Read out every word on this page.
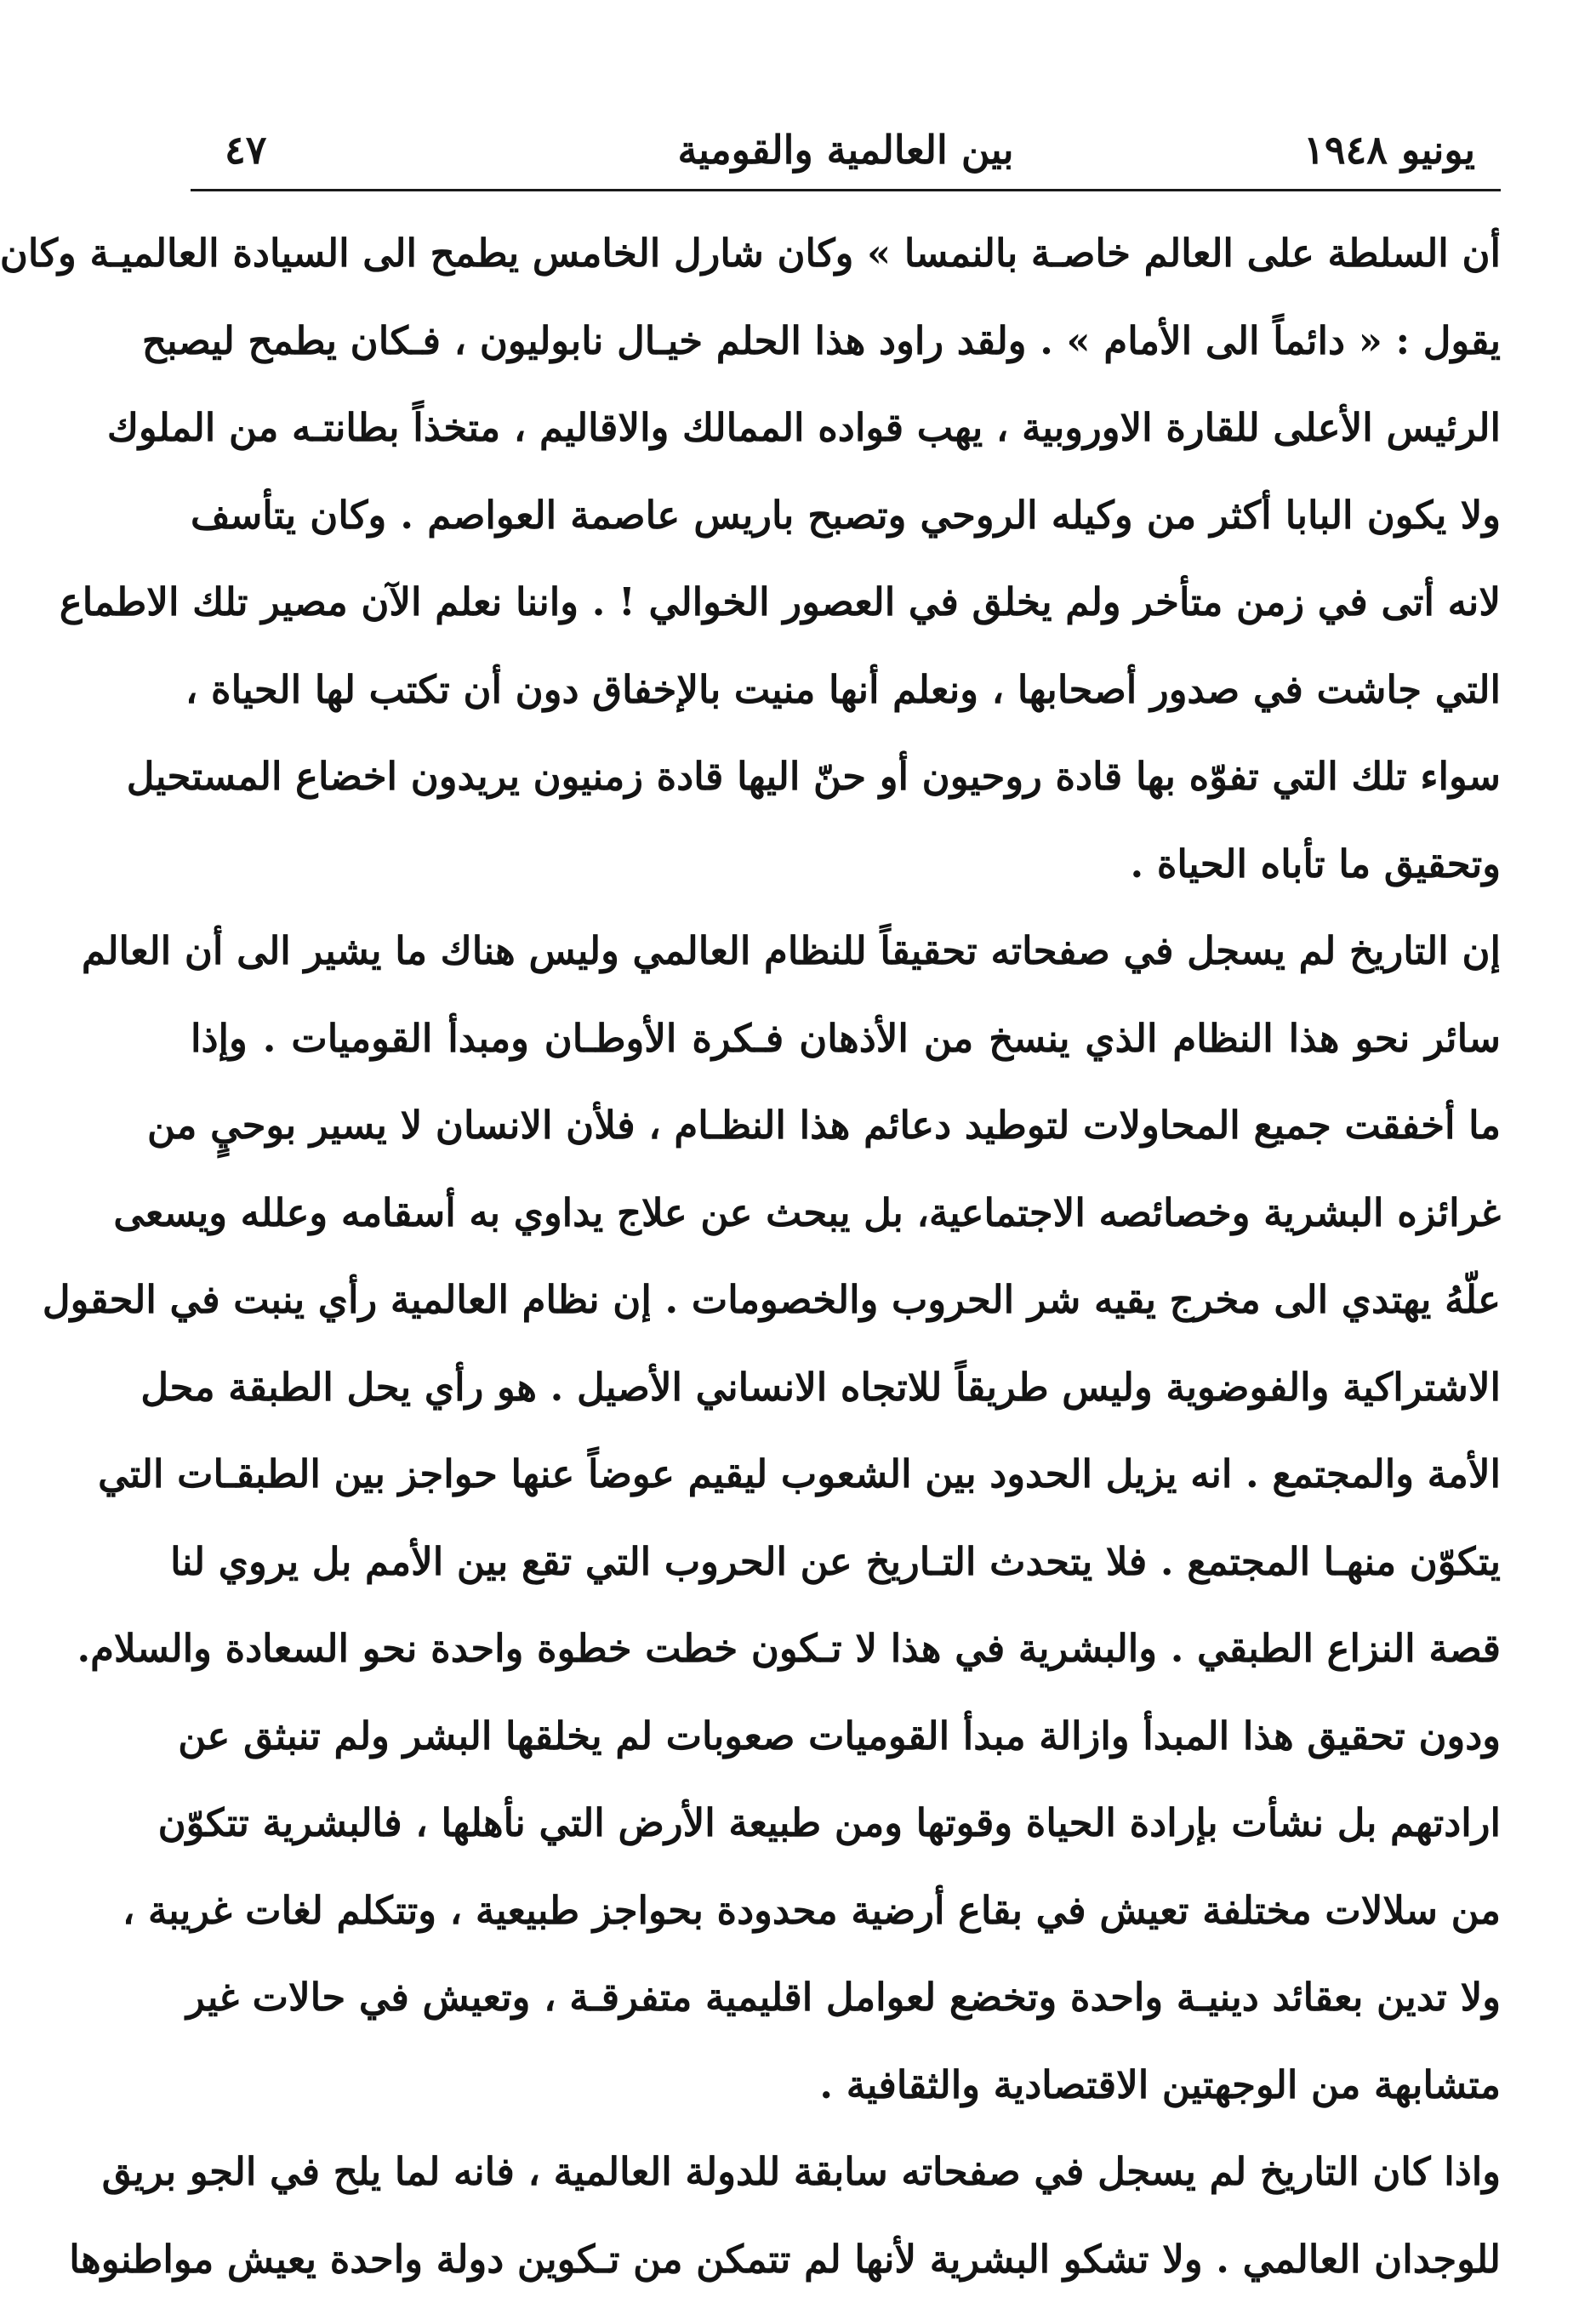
يونيو ١٩٤٨
بين العالمية والقومية
٤٧

أن السلطة على العالم خاصـة بالنمسا » وكان شارل الخامس يطمح الى السيادة العالميـة وكان
يقول : « دائماً الى الأمام » . ولقد راود هذا الحلم خيـال نابوليون ، فـكان يطمح ليصبح
الرئيس الأعلى للقارة الاوروبية ، يهب قواده الممالك والاقاليم ، متخذاً بطانتـه من الملوك
ولا يكون البابا أكثر من وكيله الروحي وتصبح باريس عاصمة العواصم . وكان يتأسف
لانه أتى في زمن متأخر ولم يخلق في العصور الخوالي ! . واننا نعلم الآن مصير تلك الاطماع
التي جاشت في صدور أصحابها ، ونعلم أنها منيت بالإخفاق دون أن تكتب لها الحياة ،
سواء تلك التي تفوّه بها قادة روحيون أو حنّ اليها قادة زمنيون يريدون اخضاع المستحيل
وتحقيق ما تأباه الحياة .

إن التاريخ لم يسجل في صفحاته تحقيقاً للنظام العالمي وليس هناك ما يشير الى أن العالم
سائر نحو هذا النظام الذي ينسخ من الأذهان فـكرة الأوطـان ومبدأ القوميات . وإذا
ما أخفقت جميع المحاولات لتوطيد دعائم هذا النظـام ، فلأن الانسان لا يسير بوحيٍ من
غرائزه البشرية وخصائصه الاجتماعية، بل يبحث عن علاج يداوي به أسقامه وعلله ويسعى
علّهُ يهتدي الى مخرج يقيه شر الحروب والخصومات . إن نظام العالمية رأي ينبت في الحقول
الاشتراكية والفوضوية وليس طريقاً للاتجاه الانساني الأصيل . هو رأي يحل الطبقة محل
الأمة والمجتمع . انه يزيل الحدود بين الشعوب ليقيم عوضاً عنها حواجز بين الطبقـات التي
يتكوّن منهـا المجتمع . فلا يتحدث التـاريخ عن الحروب التي تقع بين الأمم بل يروي لنا
قصة النزاع الطبقي . والبشرية في هذا لا تـكون خطت خطوة واحدة نحو السعادة والسلام.
ودون تحقيق هذا المبدأ وازالة مبدأ القوميات صعوبات لم يخلقها البشر ولم تنبثق عن
ارادتهم بل نشأت بإرادة الحياة وقوتها ومن طبيعة الأرض التي نأهلها ، فالبشرية تتكوّن
من سلالات مختلفة تعيش في بقاع أرضية محدودة بحواجز طبيعية ، وتتكلم لغات غريبة ،
ولا تدين بعقائد دينيـة واحدة وتخضع لعوامل اقليمية متفرقـة ، وتعيش في حالات غير
متشابهة من الوجهتين الاقتصادية والثقافية .

واذا كان التاريخ لم يسجل في صفحاته سابقة للدولة العالمية ، فانه لما يلح في الجو بريق
للوجدان العالمي . ولا تشكو البشرية لأنها لم تتمكن من تـكوين دولة واحدة يعيش مواطنوها
